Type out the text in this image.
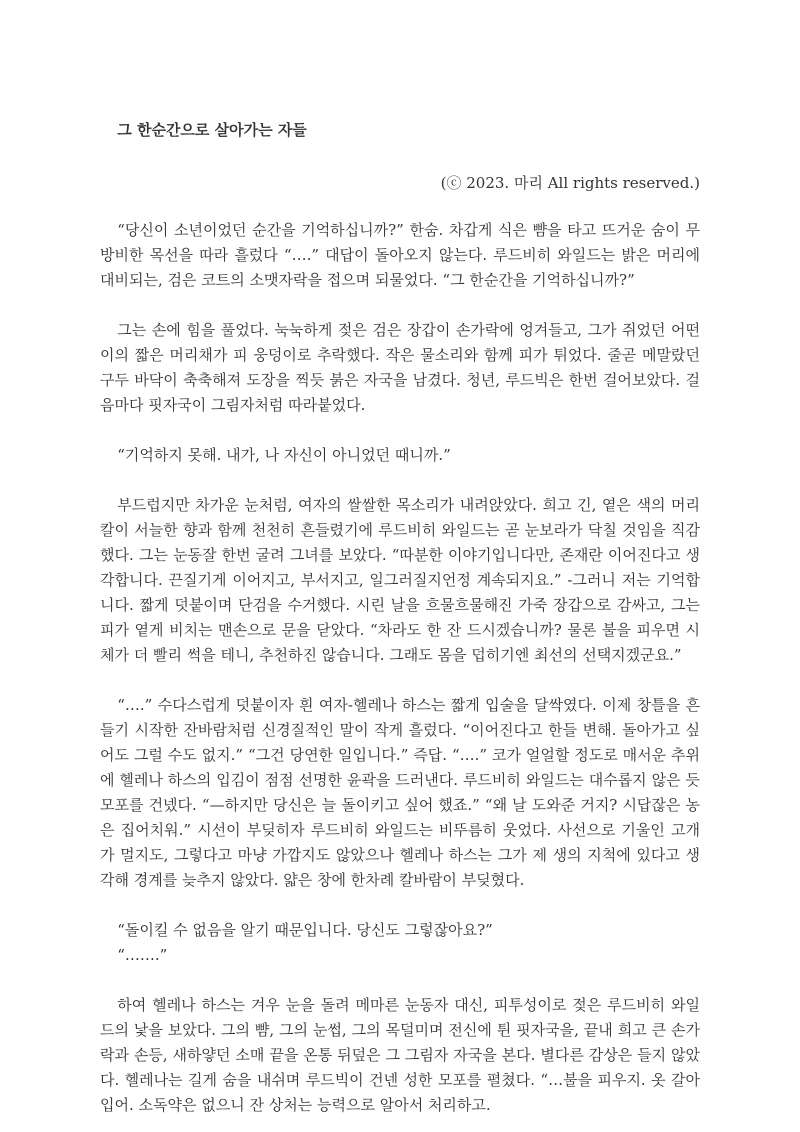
그 한순간으로 살아가는 자들
(ⓒ 2023. 마리 All rights reserved.)

“당신이 소년이었던 순간을 기억하십니까?” 한숨. 차갑게 식은 뺨을 타고 뜨거운 숨이 무방비한 목선을 따라 흘렀다 “….” 대답이 돌아오지 않는다. 루드비히 와일드는 밝은 머리에 대비되는, 검은 코트의 소맷자락을 접으며 되물었다. “그 한순간을 기억하십니까?”

그는 손에 힘을 풀었다. 눅눅하게 젖은 검은 장갑이 손가락에 엉겨들고, 그가 쥐었던 어떤 이의 짧은 머리채가 피 웅덩이로 추락했다. 작은 물소리와 함께 피가 튀었다. 줄곧 메말랐던 구두 바닥이 축축해져 도장을 찍듯 붉은 자국을 남겼다. 청년, 루드빅은 한번 걸어보았다. 걸음마다 핏자국이 그림자처럼 따라붙었다.

“기억하지 못해. 내가, 나 자신이 아니었던 때니까.”

부드럽지만 차가운 눈처럼, 여자의 쌀쌀한 목소리가 내려앉았다. 희고 긴, 옅은 색의 머리칼이 서늘한 향과 함께 천천히 흔들렸기에 루드비히 와일드는 곧 눈보라가 닥칠 것임을 직감했다. 그는 눈동잘 한번 굴려 그녀를 보았다. “따분한 이야기입니다만, 존재란 이어진다고 생각합니다. 끈질기게 이어지고, 부서지고, 일그러질지언정 계속되지요.” -그러니 저는 기억합니다. 짧게 덧붙이며 단검을 수거했다. 시린 날을 흐물흐물해진 가죽 장갑으로 감싸고, 그는 피가 옅게 비치는 맨손으로 문을 닫았다. “차라도 한 잔 드시겠습니까? 물론 불을 피우면 시체가 더 빨리 썩을 테니, 추천하진 않습니다. 그래도 몸을 덥히기엔 최선의 선택지겠군요.”

“….” 수다스럽게 덧붙이자 흰 여자-헬레나 하스는 짧게 입술을 달싹였다. 이제 창틀을 흔들기 시작한 잔바람처럼 신경질적인 말이 작게 흘렀다. “이어진다고 한들 변해. 돌아가고 싶어도 그럴 수도 없지.” “그건 당연한 일입니다.” 즉답. “….” 코가 얼얼할 정도로 매서운 추위에 헬레나 하스의 입김이 점점 선명한 윤곽을 드러낸다. 루드비히 와일드는 대수롭지 않은 듯 모포를 건넸다. “—하지만 당신은 늘 돌이키고 싶어 했죠.” “왜 날 도와준 거지? 시답잖은 농은 집어치워.” 시선이 부딪히자 루드비히 와일드는 비뚜름히 웃었다. 사선으로 기울인 고개가 멀지도, 그렇다고 마냥 가깝지도 않았으나 헬레나 하스는 그가 제 생의 지척에 있다고 생각해 경계를 늦추지 않았다. 얇은 창에 한차례 칼바람이 부딪혔다.

“돌이킬 수 없음을 알기 때문입니다. 당신도 그렇잖아요?”

“…….”

하여 헬레나 하스는 겨우 눈을 돌려 메마른 눈동자 대신, 피투성이로 젖은 루드비히 와일드의 낯을 보았다. 그의 뺨, 그의 눈썹, 그의 목덜미며 전신에 튄 핏자국을, 끝내 희고 큰 손가락과 손등, 새하얗던 소매 끝을 온통 뒤덮은 그 그림자 자국을 본다. 별다른 감상은 들지 않았다. 헬레나는 길게 숨을 내쉬며 루드빅이 건넨 성한 모포를 펼쳤다. “…불을 피우지. 옷 갈아입어. 소독약은 없으니 잔 상처는 능력으로 알아서 처리하고.
